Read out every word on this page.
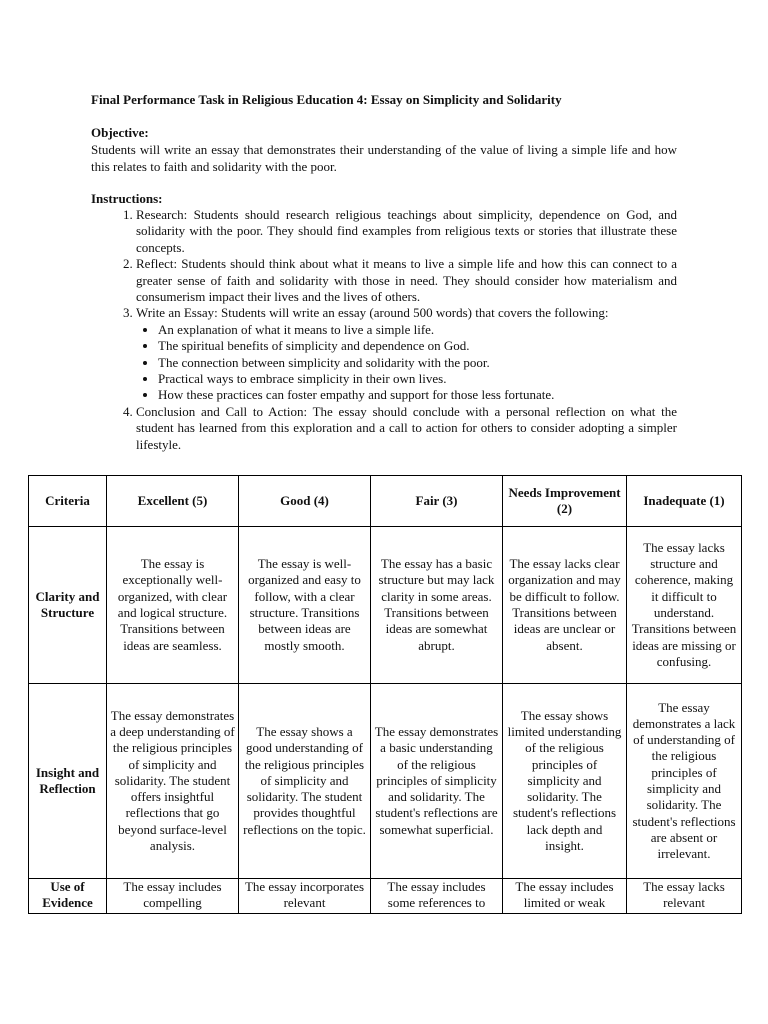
Final Performance Task in Religious Education 4: Essay on Simplicity and Solidarity
Objective:
Students will write an essay that demonstrates their understanding of the value of living a simple life and how this relates to faith and solidarity with the poor.
Instructions:
1. Research: Students should research religious teachings about simplicity, dependence on God, and solidarity with the poor. They should find examples from religious texts or stories that illustrate these concepts.
2. Reflect: Students should think about what it means to live a simple life and how this can connect to a greater sense of faith and solidarity with those in need. They should consider how materialism and consumerism impact their lives and the lives of others.
3. Write an Essay: Students will write an essay (around 500 words) that covers the following:
• An explanation of what it means to live a simple life.
• The spiritual benefits of simplicity and dependence on God.
• The connection between simplicity and solidarity with the poor.
• Practical ways to embrace simplicity in their own lives.
• How these practices can foster empathy and support for those less fortunate.
4. Conclusion and Call to Action: The essay should conclude with a personal reflection on what the student has learned from this exploration and a call to action for others to consider adopting a simpler lifestyle.
Criteria	Excellent (5)	Good (4)	Fair (3)	Needs Improvement (2)	Inadequate (1)
Clarity and Structure	The essay is exceptionally well-organized, with clear and logical structure. Transitions between ideas are seamless.	The essay is well-organized and easy to follow, with a clear structure. Transitions between ideas are mostly smooth.	The essay has a basic structure but may lack clarity in some areas. Transitions between ideas are somewhat abrupt.	The essay lacks clear organization and may be difficult to follow. Transitions between ideas are unclear or absent.	The essay lacks structure and coherence, making it difficult to understand. Transitions between ideas are missing or confusing.
Insight and Reflection	The essay demonstrates a deep understanding of the religious principles of simplicity and solidarity. The student offers insightful reflections that go beyond surface-level analysis.	The essay shows a good understanding of the religious principles of simplicity and solidarity. The student provides thoughtful reflections on the topic.	The essay demonstrates a basic understanding of the religious principles of simplicity and solidarity. The student's reflections are somewhat superficial.	The essay shows limited understanding of the religious principles of simplicity and solidarity. The student's reflections lack depth and insight.	The essay demonstrates a lack of understanding of the religious principles of simplicity and solidarity. The student's reflections are absent or irrelevant.
Use of Evidence	The essay includes compelling	The essay incorporates relevant	The essay includes some references to	The essay includes limited or weak	The essay lacks relevant
